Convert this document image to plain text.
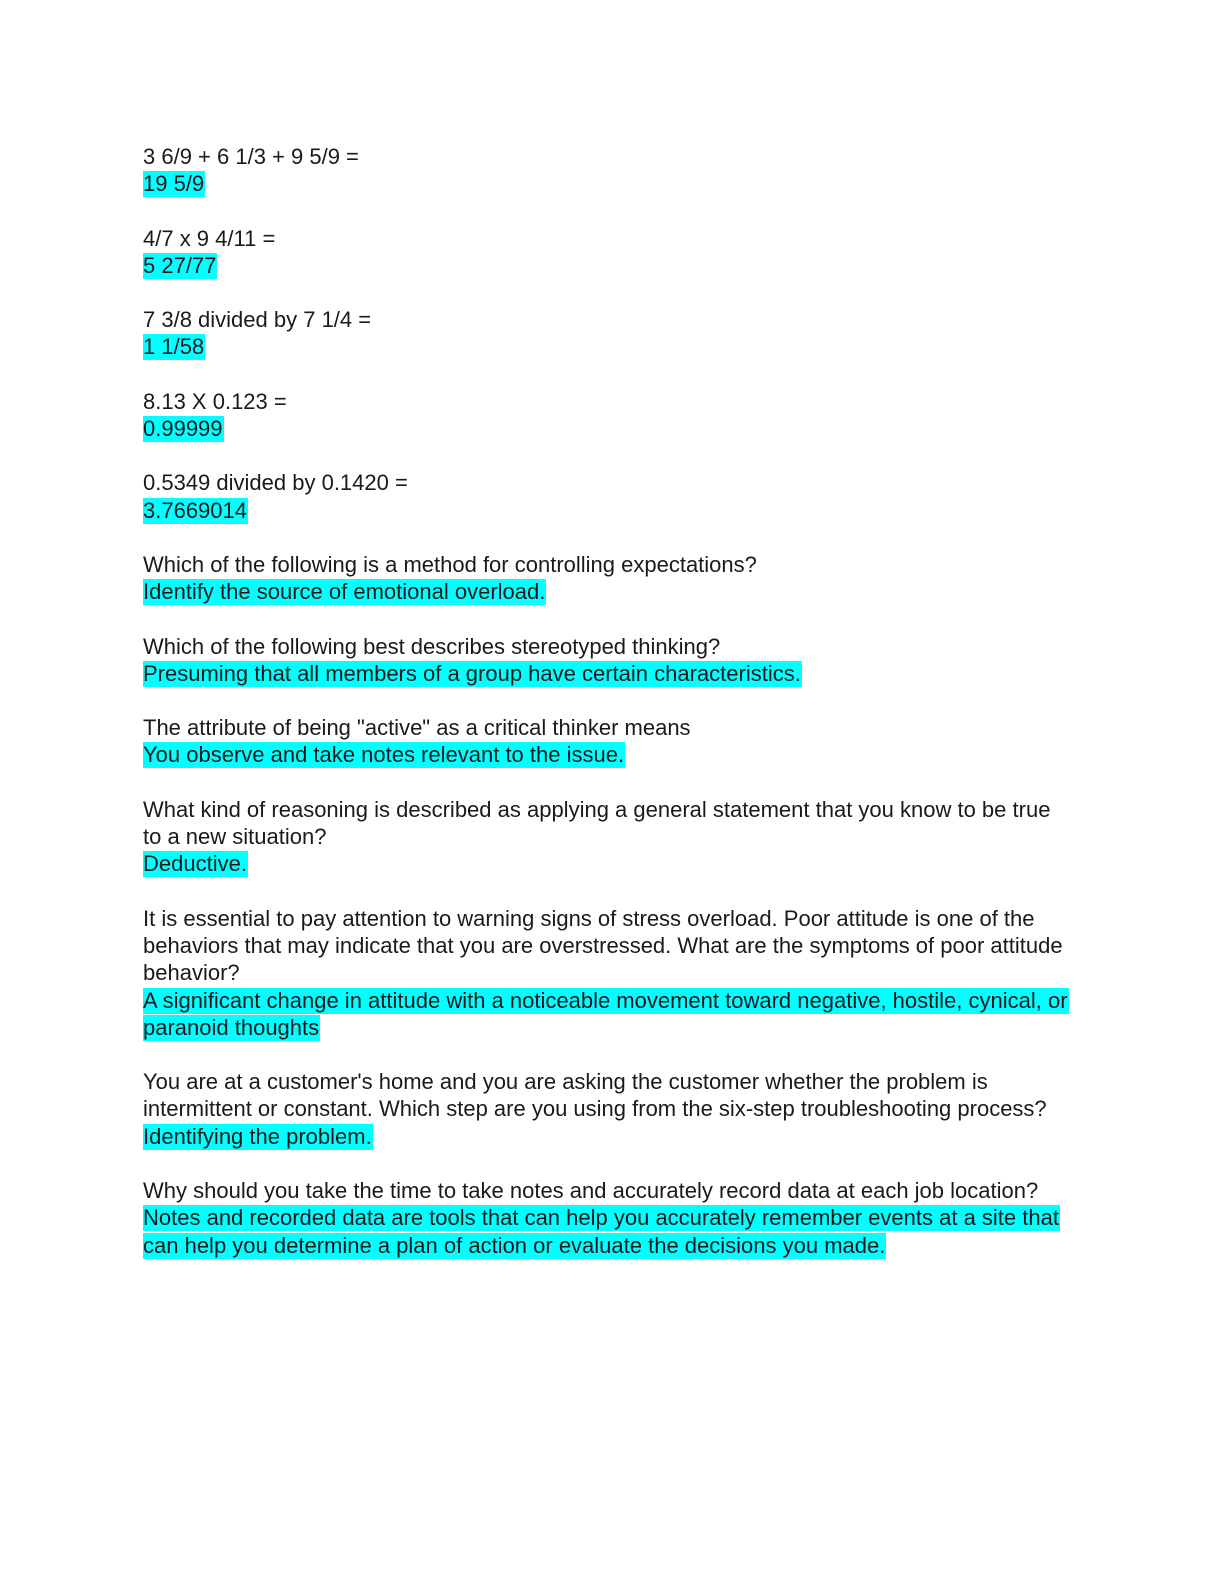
3 6/9 + 6 1/3 + 9 5/9 =
19 5/9
4/7 x 9 4/11 =
5 27/77
7 3/8 divided by 7 1/4 =
1 1/58
8.13 X 0.123 =
0.99999
0.5349 divided by 0.1420 =
3.7669014
Which of the following is a method for controlling expectations?
Identify the source of emotional overload.
Which of the following best describes stereotyped thinking?
Presuming that all members of a group have certain characteristics.
The attribute of being "active" as a critical thinker means
You observe and take notes relevant to the issue.
What kind of reasoning is described as applying a general statement that you know to be true to a new situation?
Deductive.
It is essential to pay attention to warning signs of stress overload. Poor attitude is one of the behaviors that may indicate that you are overstressed. What are the symptoms of poor attitude behavior?
A significant change in attitude with a noticeable movement toward negative, hostile, cynical, or paranoid thoughts
You are at a customer's home and you are asking the customer whether the problem is intermittent or constant. Which step are you using from the six-step troubleshooting process?
Identifying the problem.
Why should you take the time to take notes and accurately record data at each job location?
Notes and recorded data are tools that can help you accurately remember events at a site that can help you determine a plan of action or evaluate the decisions you made.
